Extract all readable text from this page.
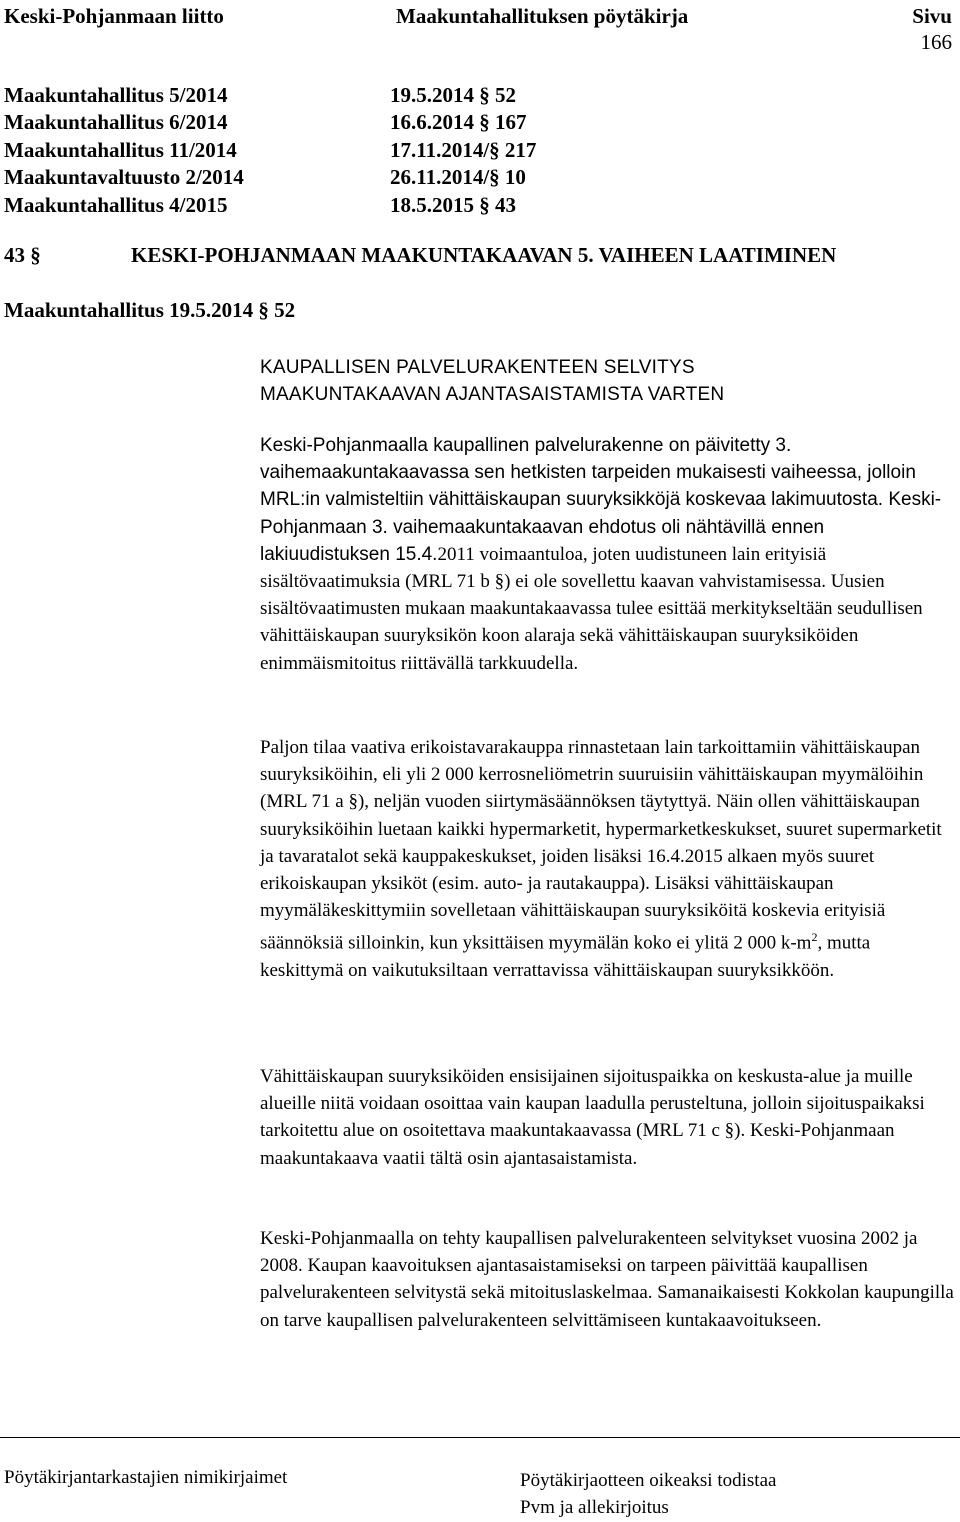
Keski-Pohjanmaan liitto	Maakuntahallituksen pöytäkirja	Sivu
166
Maakuntahallitus 5/2014	19.5.2014 § 52
Maakuntahallitus 6/2014	16.6.2014 § 167
Maakuntahallitus 11/2014	17.11.2014/§ 217
Maakuntavaltuusto 2/2014	26.11.2014/§ 10
Maakuntahallitus 4/2015	18.5.2015 § 43
43 §	KESKI-POHJANMAAN MAAKUNTAKAAVAN 5. VAIHEEN LAATIMINEN
Maakuntahallitus 19.5.2014 § 52
KAUPALLISEN PALVELURAKENTEEN SELVITYS
MAAKUNTAKAAVAN AJANTASAISTAMISTA VARTEN

Keski-Pohjanmaalla kaupallinen palvelurakenne on päivitetty 3. vaihemaakuntakaavassa sen hetkisten tarpeiden mukaisesti vaiheessa, jolloin MRL:in valmisteltiin vähittäiskaupan suuryksikköjä koskevaa lakimuutosta. Keski-Pohjanmaan 3. vaihemaakuntakaavan ehdotus oli nähtävillä ennen lakiuudistuksen 15.4.2011 voimaantuloa, joten uudistuneen lain erityisiä sisältövaatimuksia (MRL 71 b §) ei ole sovellettu kaavan vahvistamisessa. Uusien sisältövaatimusten mukaan maakuntakaavassa tulee esittää merkitykseltään seudullisen vähittäiskaupan suuryksikön koon alaraja sekä vähittäiskaupan suuryksiköiden enimmäismitoitus riittävällä tarkkuudella.

Paljon tilaa vaativa erikoistavarakauppa rinnastetaan lain tarkoittamiin vähittäiskaupan suuryksiköihin, eli yli 2 000 kerrosneliömetrin suuruisiin vähittäiskaupan myymälöihin (MRL 71 a §), neljän vuoden siirtymäsäännöksen täytyttyä. Näin ollen vähittäiskaupan suuryksiköihin luetaan kaikki hypermarketit, hypermarketkeskukset, suuret supermarketit ja tavaratalot sekä kauppakeskukset, joiden lisäksi 16.4.2015 alkaen myös suuret erikoiskaupan yksiköt (esim. auto- ja rautakauppa). Lisäksi vähittäiskaupan myymäläkeskittymiin sovelletaan vähittäiskaupan suuryksiköitä koskevia erityisiä säännöksiä silloinkin, kun yksittäisen myymälän koko ei ylitä 2 000 $k-m^2$, mutta keskittymä on vaikutuksiltaan verrattavissa vähittäiskaupan suuryksikköön.

Vähittäiskaupan suuryksiköiden ensisijainen sijoituspaikka on keskusta-alue ja muille alueille niitä voidaan osoittaa vain kaupan laadulla perusteltuna, jolloin sijoituspaikaksi tarkoitettu alue on osoitettava maakuntakaavassa (MRL 71 c §). Keski-Pohjanmaan maakuntakaava vaatii tältä osin ajantasaistamista.

Keski-Pohjanmaalla on tehty kaupallisen palvelurakenteen selvitykset vuosina 2002 ja 2008. Kaupan kaavoituksen ajantasaistamiseksi on tarpeen päivittää kaupallisen palvelurakenteen selvitystä sekä mitoituslaskelmaa. Samanaikaisesti Kokkolan kaupungilla on tarve kaupallisen palvelurakenteen selvittämiseen kuntakaavoitukseen.

Pöytäkirjantarkastajien nimikirjaimet	Pöytäkirjaotteen oikeaksi todistaa
Pvm ja allekirjoitus
